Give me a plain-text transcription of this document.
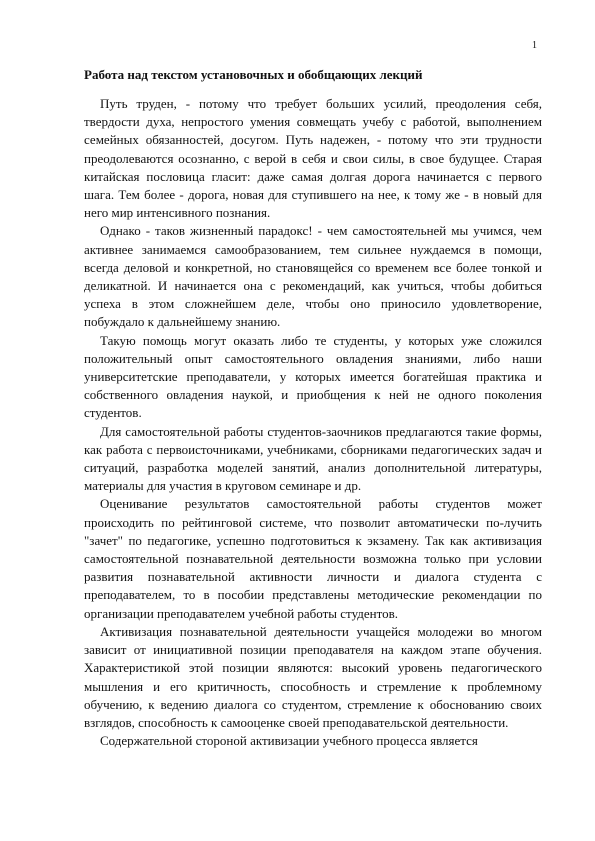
1
Работа над текстом установочных и обобщающих лекций

Путь труден, - потому что требует больших усилий, преодоления себя, твердости духа, непростого умения совмещать учебу с работой, выполнением семейных обязанностей, досугом. Путь надежен, - потому что эти трудности преодолеваются осознанно, с верой в себя и свои силы, в свое будущее. Старая китайская пословица гласит: даже самая долгая дорога начинается с первого шага. Тем более - дорога, новая для ступившего на нее, к тому же - в новый для него мир интенсивного познания.

Однако - таков жизненный парадокс! - чем самостоятельней мы учимся, чем активнее занимаемся самообразованием, тем сильнее нуждаемся в помощи, всегда деловой и конкретной, но становящейся со временем все более тонкой и деликатной. И начинается она с рекомендаций, как учиться, чтобы добиться успеха в этом сложнейшем деле, чтобы оно приносило удовлетворение, побуждало к дальнейшему знанию.

Такую помощь могут оказать либо те студенты, у которых уже сложился положительный опыт самостоятельного овладения знаниями, либо наши университетские преподаватели, у которых имеется богатейшая практика и собственного овладения наукой, и приобщения к ней не одного поколения студентов.

Для самостоятельной работы студентов-заочников предлагаются такие формы, как работа с первоисточниками, учебниками, сборниками педагогических задач и ситуаций, разработка моделей занятий, анализ дополнительной литературы, материалы для участия в круговом семинаре и др.

Оценивание результатов самостоятельной работы студентов может происходить по рейтинговой системе, что позволит автоматически по-лучить "зачет" по педагогике, успешно подготовиться к экзамену. Так как активизация самостоятельной познавательной деятельности возможна только при условии развития познавательной активности личности и диалога студента с преподавателем, то в пособии представлены методические рекомендации по организации преподавателем учебной работы студентов.

Активизация познавательной деятельности учащейся молодежи во многом зависит от инициативной позиции преподавателя на каждом этапе обучения. Характеристикой этой позиции являются: высокий уровень педагогического мышления и его критичность, способность и стремление к проблемному обучению, к ведению диалога со студентом, стремление к обоснованию своих взглядов, способность к самооценке своей преподавательской деятельности.

Содержательной стороной активизации учебного процесса является
